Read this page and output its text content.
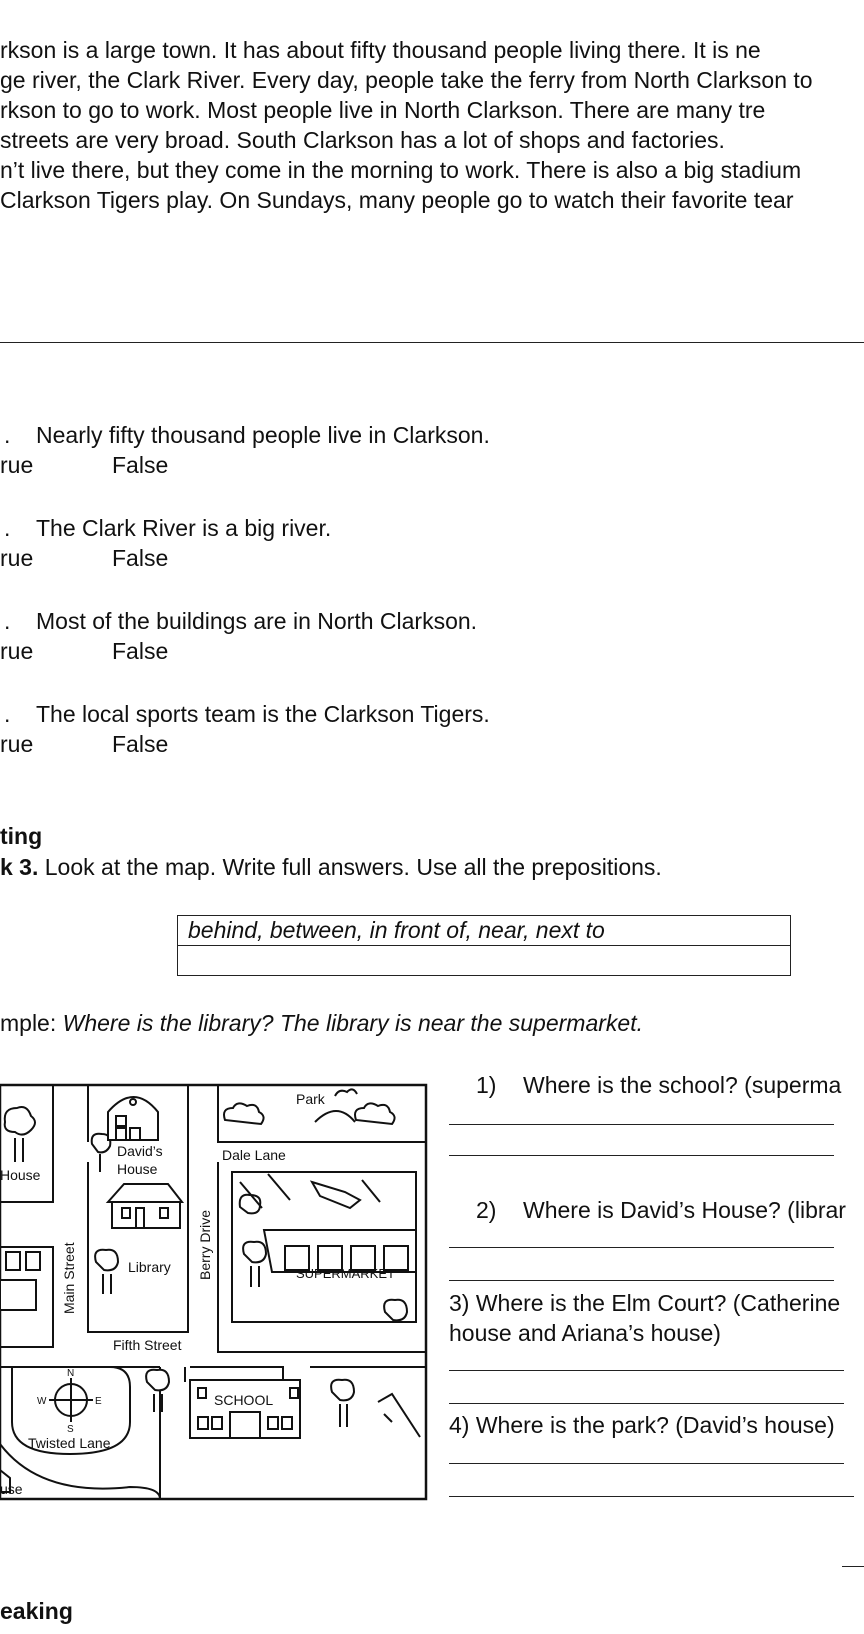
rkson is a large town. It has about fifty thousand people living there. It is ne
ge river, the Clark River. Every day, people take the ferry from North Clarkson to
rkson to go to work. Most people live in North Clarkson. There are many tre
streets are very broad. South Clarkson has a lot of shops and factories.
n’t live there, but they come in the morning to work. There is also a big stadium
Clarkson Tigers play. On Sundays, many people go to watch their favorite tear
. Nearly fifty thousand people live in Clarkson.
rue	False
. The Clark River is a big river.
rue	False
. Most of the buildings are in North Clarkson.
rue	False
. The local sports team is the Clarkson Tigers.
rue	False
ting
k 3. Look at the map. Write full answers. Use all the prepositions.
behind, between, in front of, near, next to
mple: Where is the library? The library is near the supermarket.
Park
Dale Lane
David’s
House
House
Library Berry Drive
Main Street	SUPERMARKET
Fifth Street
SCHOOL
Twisted Lane
use
N
S
E
W
1) Where is the school? (superma
2) Where is David’s House? (librar
3) Where is the Elm Court? (Catherine
house and Ariana’s house)
4) Where is the park? (David’s house)
eaking
